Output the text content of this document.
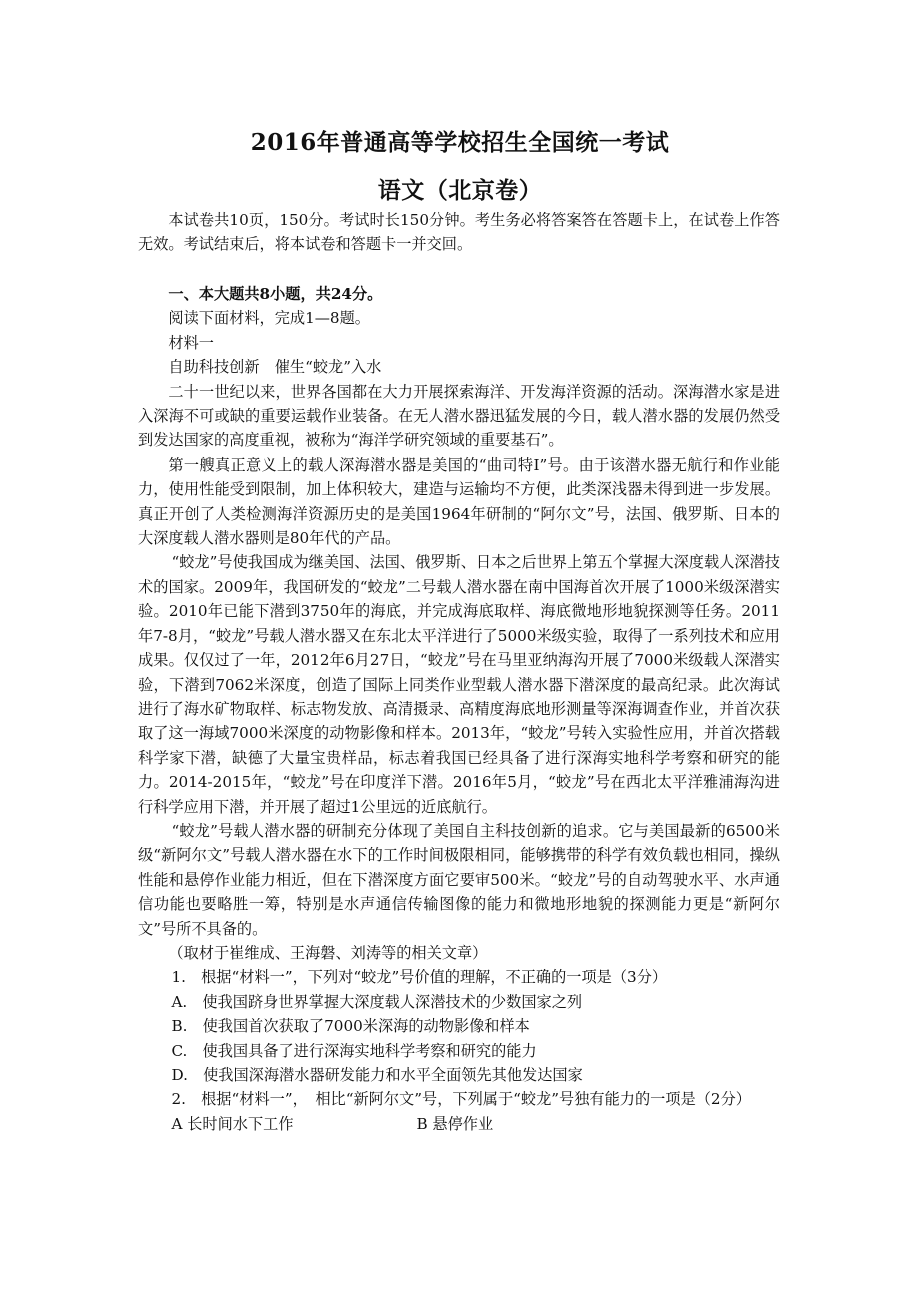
2016年普通高等学校招生全国统一考试
语文（北京卷）

本试卷共10页，150分。考试时长150分钟。考生务必将答案答在答题卡上，在试卷上作答无效。考试结束后，将本试卷和答题卡一并交回。

一、本大题共8小题，共24分。

阅读下面材料，完成1—8题。

材料一

自助科技创新　催生“蛟龙”入水

二十一世纪以来，世界各国都在大力开展探索海洋、开发海洋资源的活动。深海潜水家是进入深海不可或缺的重要运载作业装备。在无人潜水器迅猛发展的今日，载人潜水器的发展仍然受到发达国家的高度重视，被称为“海洋学研究领域的重要基石”。

第一艘真正意义上的载人深海潜水器是美国的“曲司特I”号。由于该潜水器无航行和作业能力，使用性能受到限制，加上体积较大，建造与运输均不方便，此类深浅器未得到进一步发展。真正开创了人类检测海洋资源历史的是美国1964年研制的“阿尔文”号，法国、俄罗斯、日本的大深度载人潜水器则是80年代的产品。

“蛟龙”号使我国成为继美国、法国、俄罗斯、日本之后世界上第五个掌握大深度载人深潜技术的国家。2009年，我国研发的“蛟龙”二号载人潜水器在南中国海首次开展了1000米级深潜实验。2010年已能下潜到3750年的海底，并完成海底取样、海底微地形地貌探测等任务。2011年7-8月，“蛟龙”号载人潜水器又在东北太平洋进行了5000米级实验，取得了一系列技术和应用成果。仅仅过了一年，2012年6月27日，“蛟龙”号在马里亚纳海沟开展了7000米级载人深潜实验，下潜到7062米深度，创造了国际上同类作业型载人潜水器下潜深度的最高纪录。此次海试进行了海水矿物取样、标志物发放、高清摄录、高精度海底地形测量等深海调查作业，并首次获取了这一海域7000米深度的动物影像和样本。2013年，“蛟龙”号转入实验性应用，并首次搭载科学家下潜，缺德了大量宝贵样品，标志着我国已经具备了进行深海实地科学考察和研究的能力。2014-2015年，“蛟龙”号在印度洋下潜。2016年5月，“蛟龙”号在西北太平洋雅浦海沟进行科学应用下潜，并开展了超过1公里远的近底航行。

“蛟龙”号载人潜水器的研制充分体现了美国自主科技创新的追求。它与美国最新的6500米级“新阿尔文”号载人潜水器在水下的工作时间极限相同，能够携带的科学有效负载也相同，操纵性能和悬停作业能力相近，但在下潜深度方面它要审500米。“蛟龙”号的自动驾驶水平、水声通信功能也要略胜一筹，特别是水声通信传输图像的能力和微地形地貌的探测能力更是“新阿尔文”号所不具备的。

（取材于崔维成、王海磐、刘涛等的相关文章）

1.　根据“材料一”，下列对“蛟龙”号价值的理解，不正确的一项是（3分）

A.　使我国跻身世界掌握大深度载人深潜技术的少数国家之列

B.　使我国首次获取了7000米深海的动物影像和样本

C.　使我国具备了进行深海实地科学考察和研究的能力

D.　使我国深海潜水器研发能力和水平全面领先其他发达国家

2.　根据“材料一”，　相比“新阿尔文”号，下列属于“蛟龙”号独有能力的一项是（2分）

A 长时间水下工作	B 悬停作业
